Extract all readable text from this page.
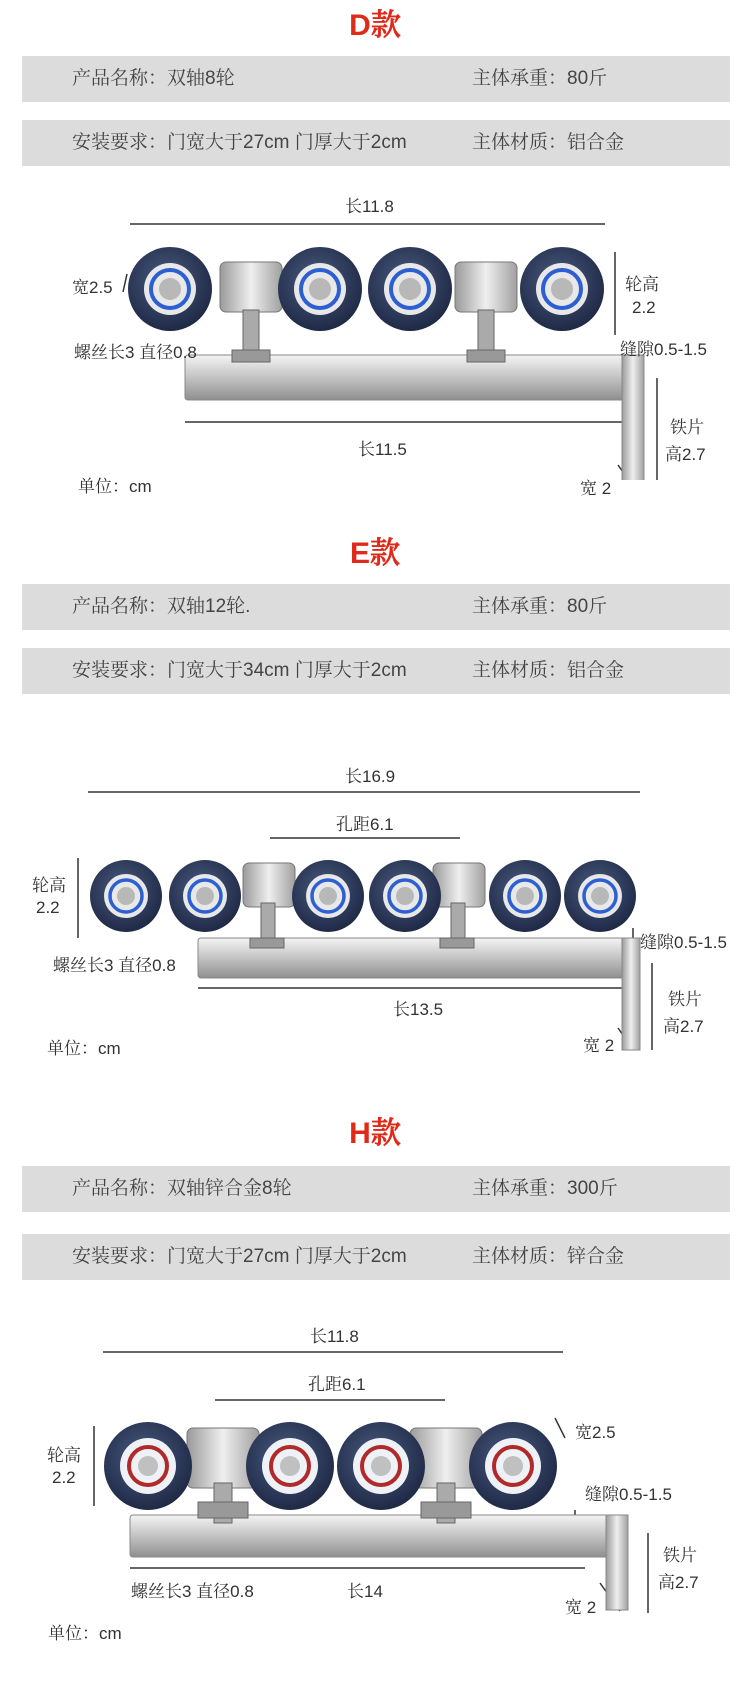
D款
产品名称：双轴8轮	主体承重：80斤
安装要求：门宽大于27cm 门厚大于2cm	主体材质：铝合金
长11.8
宽2.5	轮高
2.2
螺丝长3 直径0.8	缝隙0.5-1.5
长11.5
铁片
高2.7
宽 2
单位：cm
E款
产品名称：双轴12轮.	主体承重：80斤
安装要求：门宽大于34cm 门厚大于2cm	主体材质：铝合金
长16.9
孔距6.1
轮高
2.2
螺丝长3 直径0.8
缝隙0.5-1.5
长13.5
铁片
高2.7
宽 2
单位：cm
H款
产品名称：双轴锌合金8轮	主体承重：300斤
安装要求：门宽大于27cm 门厚大于2cm	主体材质：锌合金
长11.8
孔距6.1
宽2.5
轮高
2.2
缝隙0.5-1.5
螺丝长3 直径0.8	长14
铁片
高2.7
宽 2
单位：cm
